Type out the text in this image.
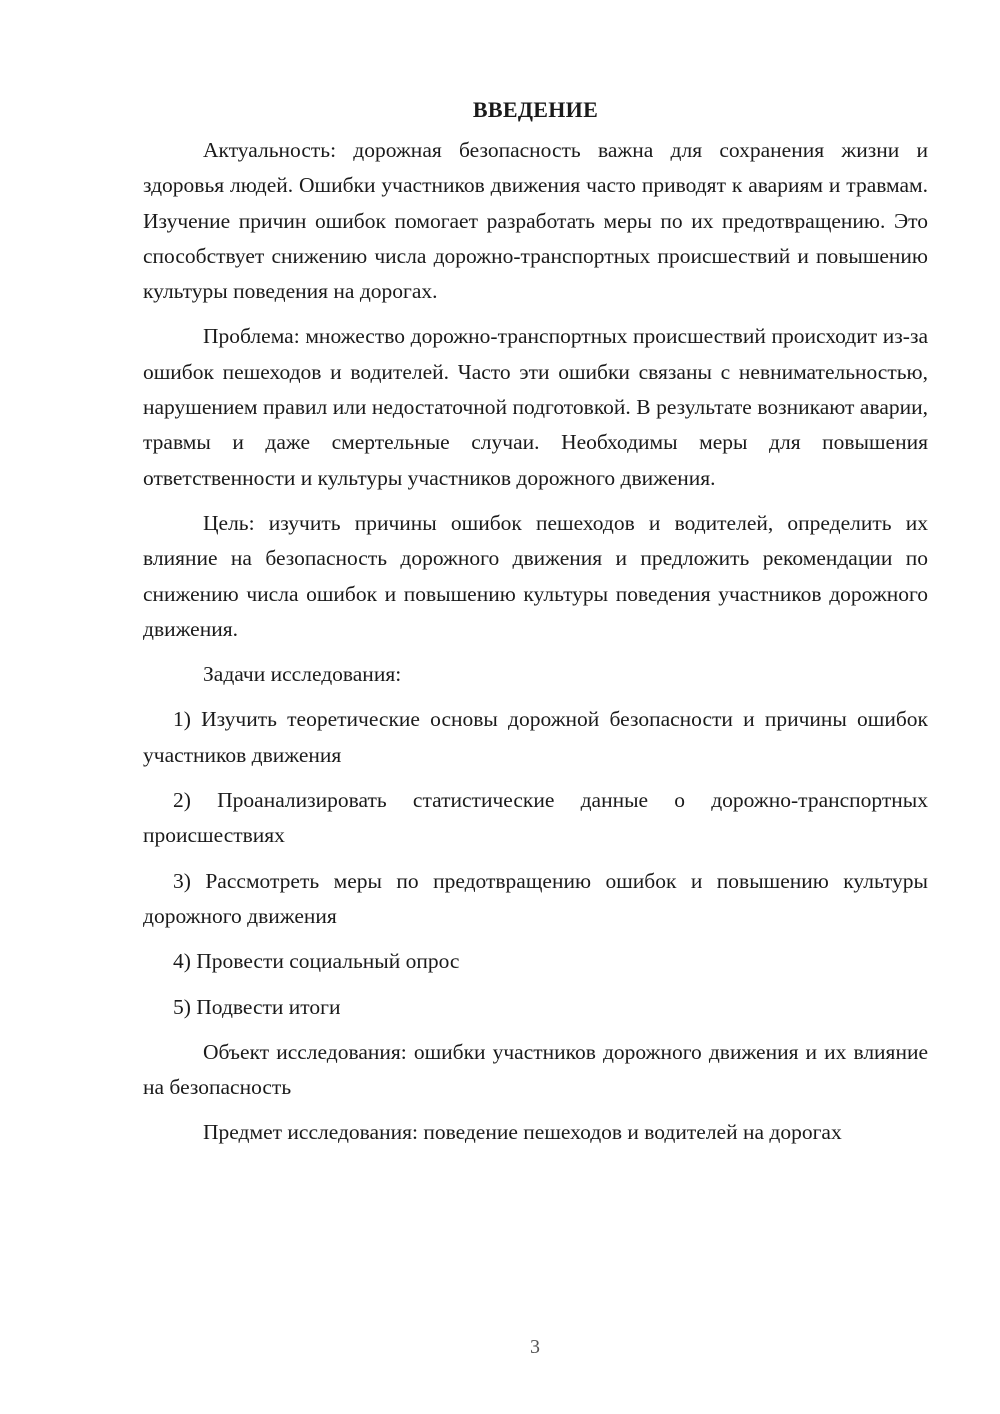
ВВЕДЕНИЕ

Актуальность: дорожная безопасность важна для сохранения жизни и здоровья людей. Ошибки участников движения часто приводят к авариям и травмам. Изучение причин ошибок помогает разработать меры по их предотвращению. Это способствует снижению числа дорожно-транспортных происшествий и повышению культуры поведения на дорогах.

Проблема: множество дорожно-транспортных происшествий происходит из-за ошибок пешеходов и водителей. Часто эти ошибки связаны с невнимательностью, нарушением правил или недостаточной подготовкой. В результате возникают аварии, травмы и даже смертельные случаи. Необходимы меры для повышения ответственности и культуры участников дорожного движения.

Цель: изучить причины ошибок пешеходов и водителей, определить их влияние на безопасность дорожного движения и предложить рекомендации по снижению числа ошибок и повышению культуры поведения участников дорожного движения.

Задачи исследования:

1) Изучить теоретические основы дорожной безопасности и причины ошибок участников движения

2) Проанализировать статистические данные о дорожно-транспортных происшествиях

3) Рассмотреть меры по предотвращению ошибок и повышению культуры дорожного движения

4) Провести социальный опрос

5) Подвести итоги

Объект исследования: ошибки участников дорожного движения и их влияние на безопасность

Предмет исследования: поведение пешеходов и водителей на дорогах

3
